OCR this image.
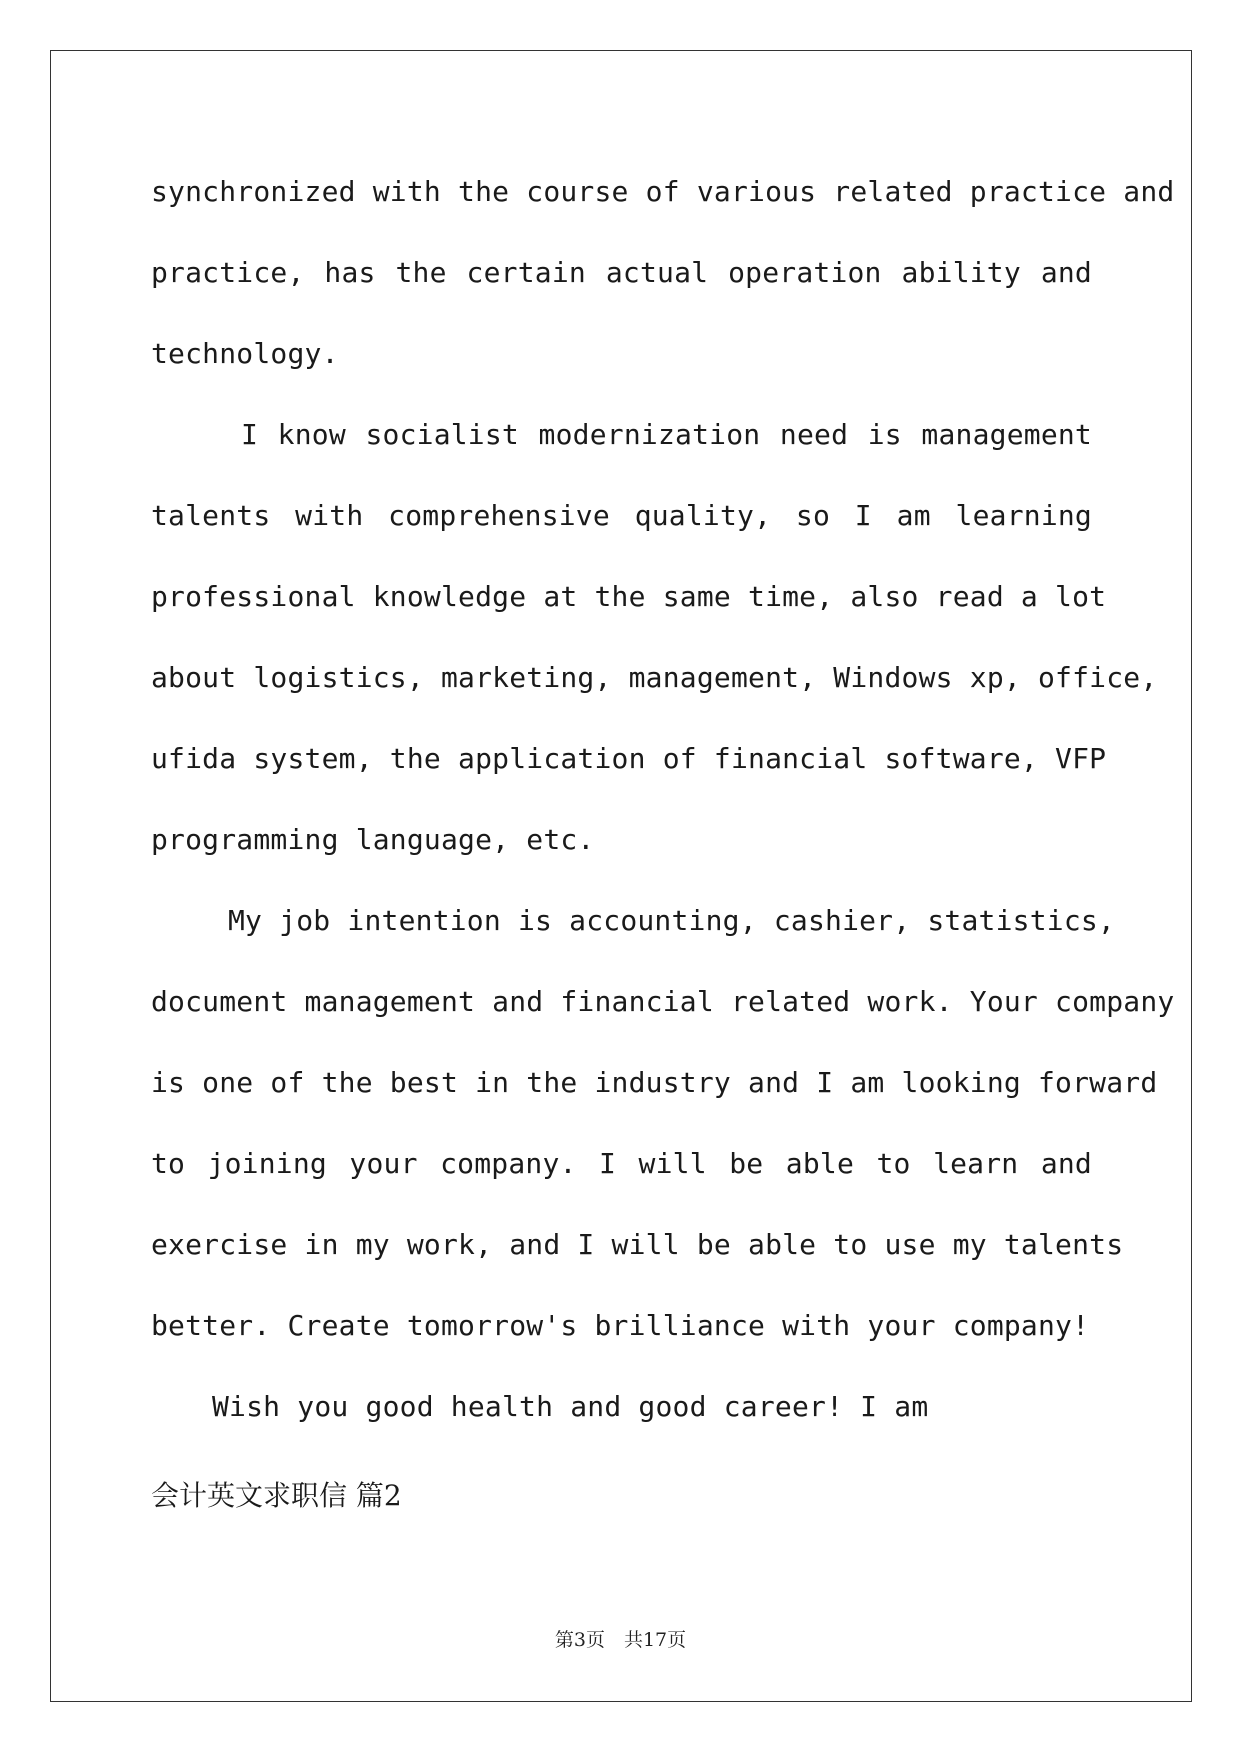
synchronized with the course of various related practice and
practice, has the certain actual operation ability and
technology.
I know socialist modernization need is management
talents with comprehensive quality, so I am learning
professional knowledge at the same time, also read a lot
about logistics, marketing, management, Windows xp, office,
ufida system, the application of financial software, VFP
programming language, etc.
My job intention is accounting, cashier, statistics,
document management and financial related work. Your company
is one of the best in the industry and I am looking forward
to joining your company. I will be able to learn and
exercise in my work, and I will be able to use my talents
better. Create tomorrow's brilliance with your company!
Wish you good health and good career! I am
会计英文求职信 篇2
第3页　共17页
